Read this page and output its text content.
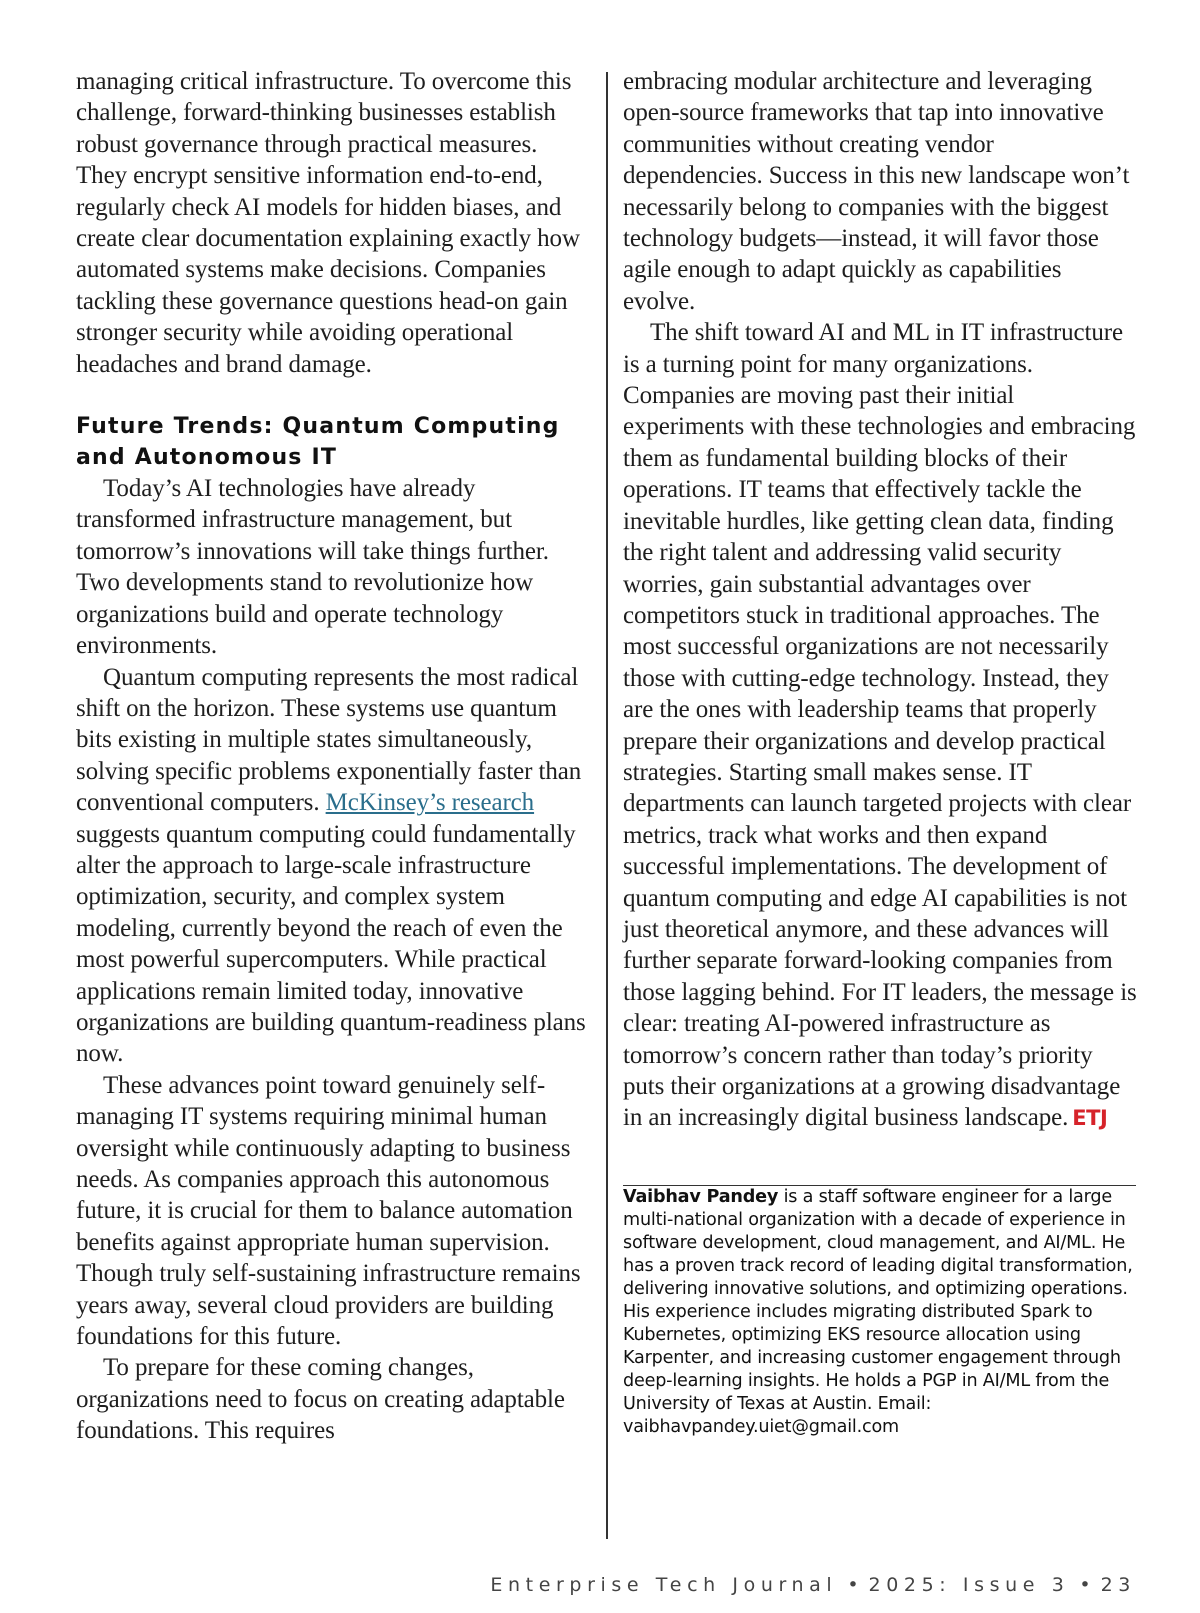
managing critical infrastructure. To overcome this challenge, forward-thinking businesses establish robust governance through practical measures. They encrypt sensitive information end-to-end, regularly check AI models for hidden biases, and create clear documentation explaining exactly how automated systems make decisions. Companies tackling these governance questions head-on gain stronger security while avoiding operational headaches and brand damage.

Future Trends: Quantum Computing and Autonomous IT

Today’s AI technologies have already transformed infrastructure management, but tomorrow’s innovations will take things further. Two developments stand to revolutionize how organizations build and operate technology environments.

Quantum computing represents the most radical shift on the horizon. These systems use quantum bits existing in multiple states simultaneously, solving specific problems exponentially faster than conventional computers. McKinsey’s research suggests quantum computing could fundamentally alter the approach to large-scale infrastructure optimization, security, and complex system modeling, currently beyond the reach of even the most powerful supercomputers. While practical applications remain limited today, innovative organizations are building quantum-readiness plans now.

These advances point toward genuinely self-managing IT systems requiring minimal human oversight while continuously adapting to business needs. As companies approach this autonomous future, it is crucial for them to balance automation benefits against appropriate human supervision. Though truly self-sustaining infrastructure remains years away, several cloud providers are building foundations for this future.

To prepare for these coming changes, organizations need to focus on creating adaptable foundations. This requires

embracing modular architecture and leveraging open-source frameworks that tap into innovative communities without creating vendor dependencies. Success in this new landscape won’t necessarily belong to companies with the biggest technology budgets—instead, it will favor those agile enough to adapt quickly as capabilities evolve.

The shift toward AI and ML in IT infrastructure is a turning point for many organizations. Companies are moving past their initial experiments with these technologies and embracing them as fundamental building blocks of their operations. IT teams that effectively tackle the inevitable hurdles, like getting clean data, finding the right talent and addressing valid security worries, gain substantial advantages over competitors stuck in traditional approaches. The most successful organizations are not necessarily those with cutting-edge technology. Instead, they are the ones with leadership teams that properly prepare their organizations and develop practical strategies. Starting small makes sense. IT departments can launch targeted projects with clear metrics, track what works and then expand successful implementations. The development of quantum computing and edge AI capabilities is not just theoretical anymore, and these advances will further separate forward-looking companies from those lagging behind. For IT leaders, the message is clear: treating AI-powered infrastructure as tomorrow’s concern rather than today’s priority puts their organizations at a growing disadvantage in an increasingly digital business landscape. ETJ

Vaibhav Pandey is a staff software engineer for a large multi-national organization with a decade of experience in software development, cloud management, and AI/ML. He has a proven track record of leading digital transformation, delivering innovative solutions, and optimizing operations. His experience includes migrating distributed Spark to Kubernetes, optimizing EKS resource allocation using Karpenter, and increasing customer engagement through deep-learning insights. He holds a PGP in AI/ML from the University of Texas at Austin. Email: vaibhavpandey.uiet@gmail.com

Enterprise Tech Journal • 2025: Issue 3 • 23
